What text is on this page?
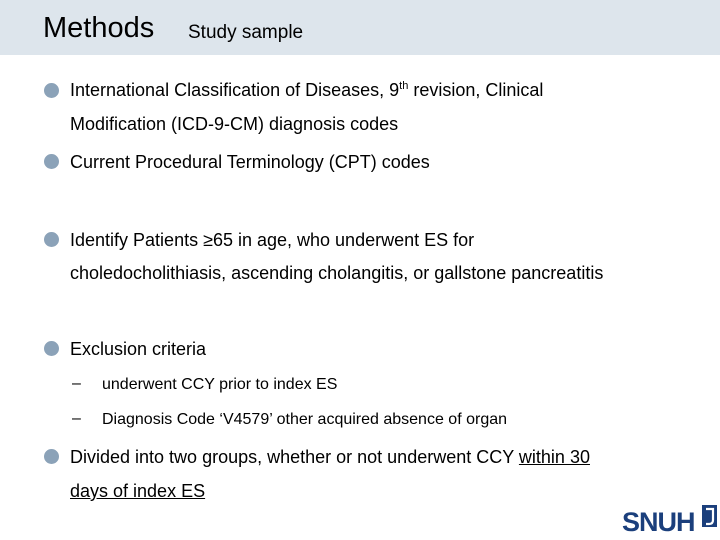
Methods Study sample
International Classification of Diseases, 9th revision, Clinical
Modification (ICD-9-CM) diagnosis codes
Current Procedural Terminology (CPT) codes
Identify Patients ≥65 in age, who underwent ES for
choledocholithiasis, ascending cholangitis, or gallstone pancreatitis
Exclusion criteria
– underwent CCY prior to index ES
– Diagnosis Code ‘V4579’ other acquired absence of organ
Divided into two groups, whether or not underwent CCY within 30
days of index ES
SNUH
